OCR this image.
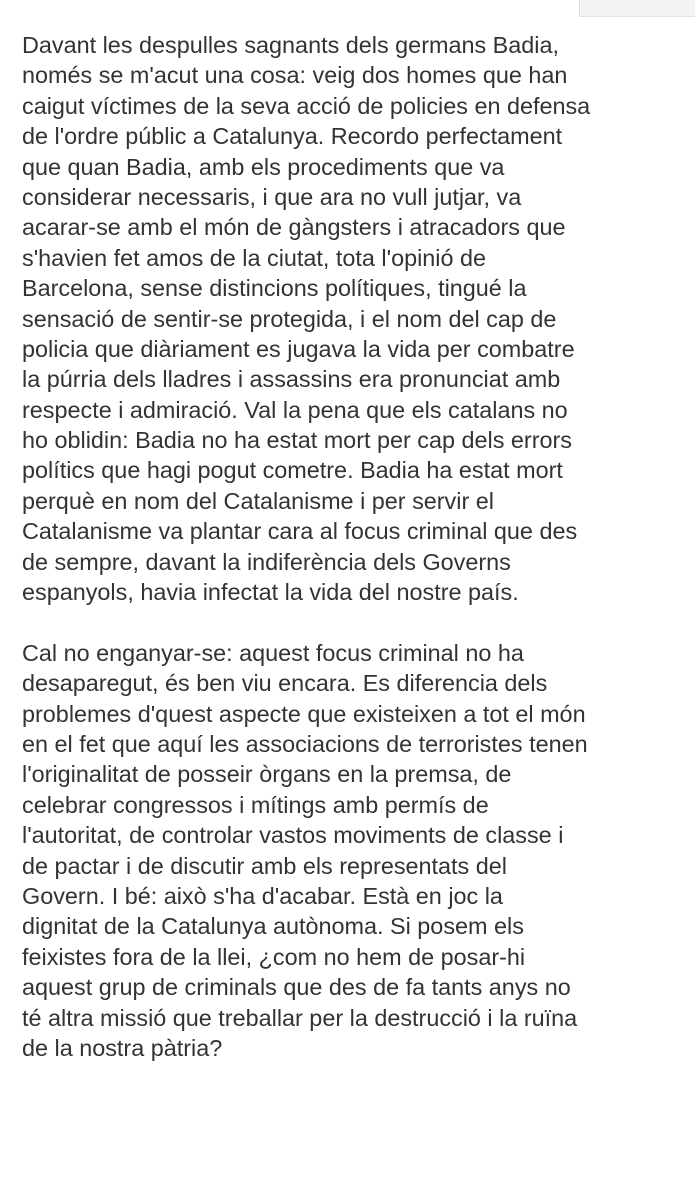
Davant les despulles sagnants dels germans Badia,
només se m'acut una cosa: veig dos homes que han
caigut víctimes de la seva acció de policies en defensa
de l'ordre públic a Catalunya. Recordo perfectament
que quan Badia, amb els procediments que va
considerar necessaris, i que ara no vull jutjar, va
acarar-se amb el món de gàngsters i atracadors que
s'havien fet amos de la ciutat, tota l'opinió de
Barcelona, sense distincions polítiques, tingué la
sensació de sentir-se protegida, i el nom del cap de
policia que diàriament es jugava la vida per combatre
la púrria dels lladres i assassins era pronunciat amb
respecte i admiració. Val la pena que els catalans no
ho oblidin: Badia no ha estat mort per cap dels errors
polítics que hagi pogut cometre. Badia ha estat mort
perquè en nom del Catalanisme i per servir el
Catalanisme va plantar cara al focus criminal que des
de sempre, davant la indiferència dels Governs
espanyols, havia infectat la vida del nostre país.

Cal no enganyar-se: aquest focus criminal no ha
desaparegut, és ben viu encara. Es diferencia dels
problemes d'quest aspecte que existeixen a tot el món
en el fet que aquí les associacions de terroristes tenen
l'originalitat de posseir òrgans en la premsa, de
celebrar congressos i mítings amb permís de
l'autoritat, de controlar vastos moviments de classe i
de pactar i de discutir amb els representats del
Govern. I bé: això s'ha d'acabar. Està en joc la
dignitat de la Catalunya autònoma. Si posem els
feixistes fora de la llei, ¿com no hem de posar-hi
aquest grup de criminals que des de fa tants anys no
té altra missió que treballar per la destrucció i la ruïna
de la nostra pàtria?
